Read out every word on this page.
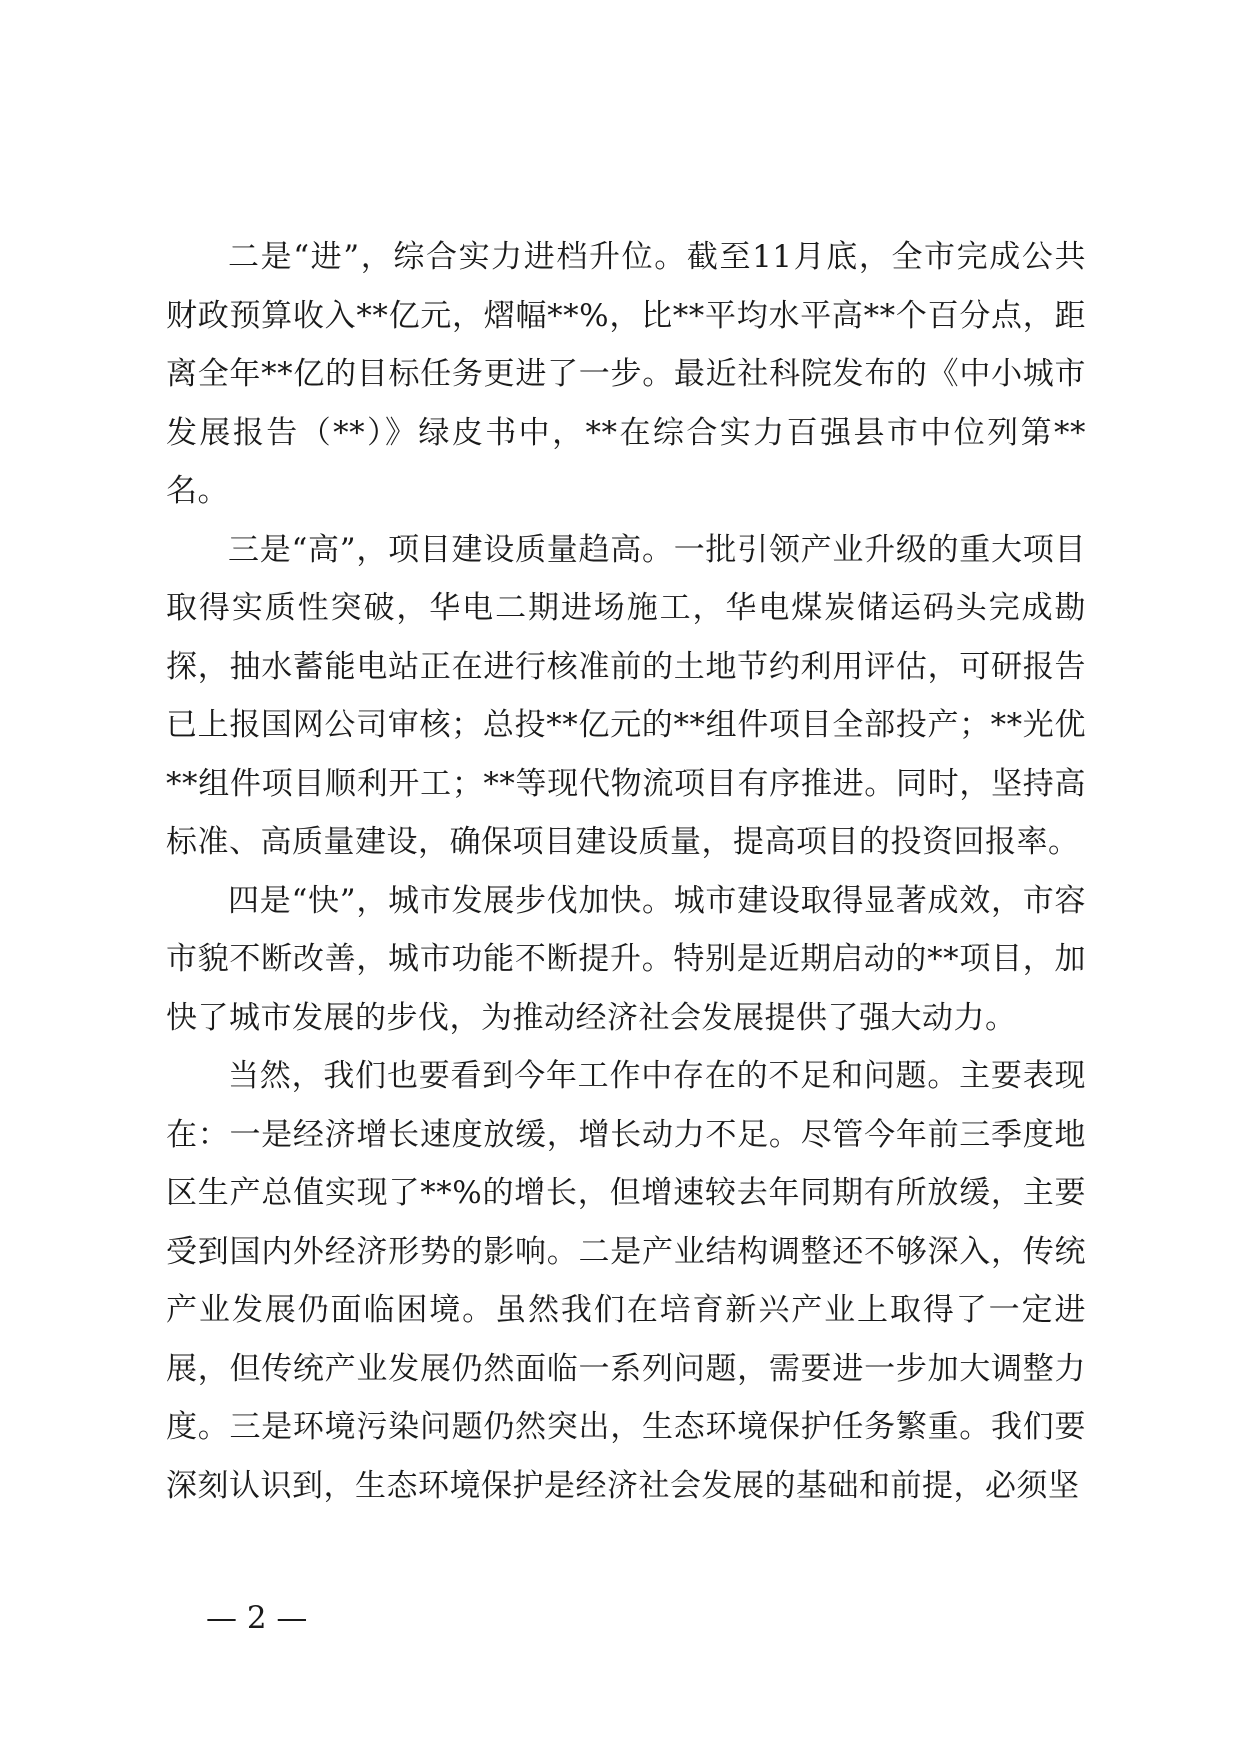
二是“进”，综合实力进档升位。截至11月底，全市完成公共财政预算收入**亿元，熠幅**%，比**平均水平高**个百分点，距离全年**亿的目标任务更进了一步。最近社科院发布的《中小城市发展报告（**）》绿皮书中，**在综合实力百强县市中位列第**名。

三是“高”，项目建设质量趋高。一批引领产业升级的重大项目取得实质性突破，华电二期进场施工，华电煤炭储运码头完成勘探，抽水蓄能电站正在进行核准前的土地节约利用评估，可研报告已上报国网公司审核；总投**亿元的**组件项目全部投产；**光优**组件项目顺利开工；**等现代物流项目有序推进。同时，坚持高标准、高质量建设，确保项目建设质量，提高项目的投资回报率。

四是“快”，城市发展步伐加快。城市建设取得显著成效，市容市貌不断改善，城市功能不断提升。特别是近期启动的**项目，加快了城市发展的步伐，为推动经济社会发展提供了强大动力。

当然，我们也要看到今年工作中存在的不足和问题。主要表现在：一是经济增长速度放缓，增长动力不足。尽管今年前三季度地区生产总值实现了**%的增长，但增速较去年同期有所放缓，主要受到国内外经济形势的影响。二是产业结构调整还不够深入，传统产业发展仍面临困境。虽然我们在培育新兴产业上取得了一定进展，但传统产业发展仍然面临一系列问题，需要进一步加大调整力度。三是环境污染问题仍然突出，生态环境保护任务繁重。我们要深刻认识到，生态环境保护是经济社会发展的基础和前提，必须坚

— 2 —
